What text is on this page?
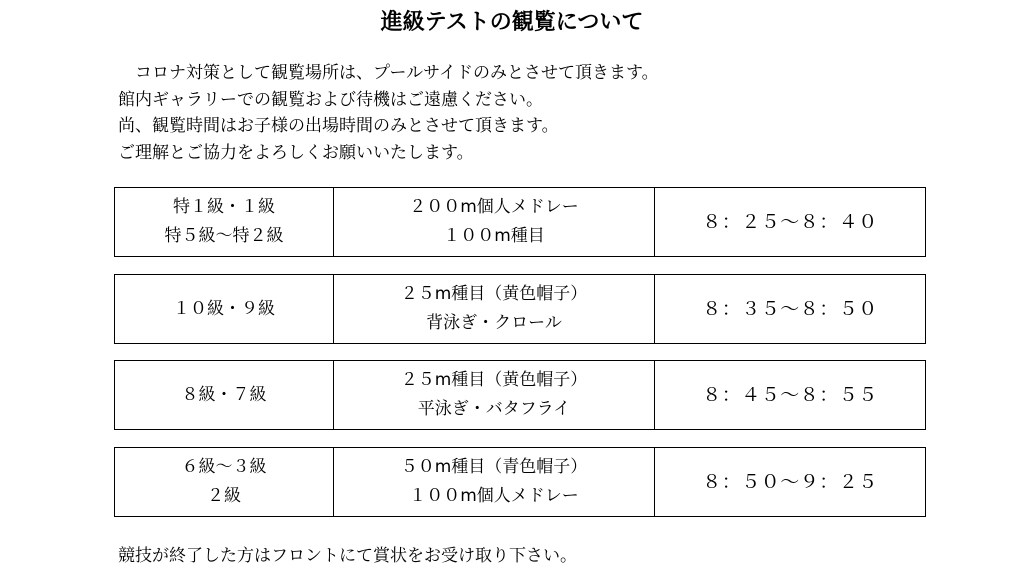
進級テストの観覧について
コロナ対策として観覧場所は、プールサイドのみとさせて頂きます。
館内ギャラリーでの観覧および待機はご遠慮ください。
尚、観覧時間はお子様の出場時間のみとさせて頂きます。
ご理解とご協力をよろしくお願いいたします。
特１級・１級
特５級～特２級
２００m個人メドレー
１００m種目
８：２５～８：４０
１０級・９級
２５m種目（黄色帽子）
背泳ぎ・クロール
８：３５～８：５０
８級・７級
２５m種目（黄色帽子）
平泳ぎ・バタフライ
８：４５～８：５５
６級～３級
２級
５０m種目（青色帽子）
１００m個人メドレー
８：５０～９：２５
競技が終了した方はフロントにて賞状をお受け取り下さい。
